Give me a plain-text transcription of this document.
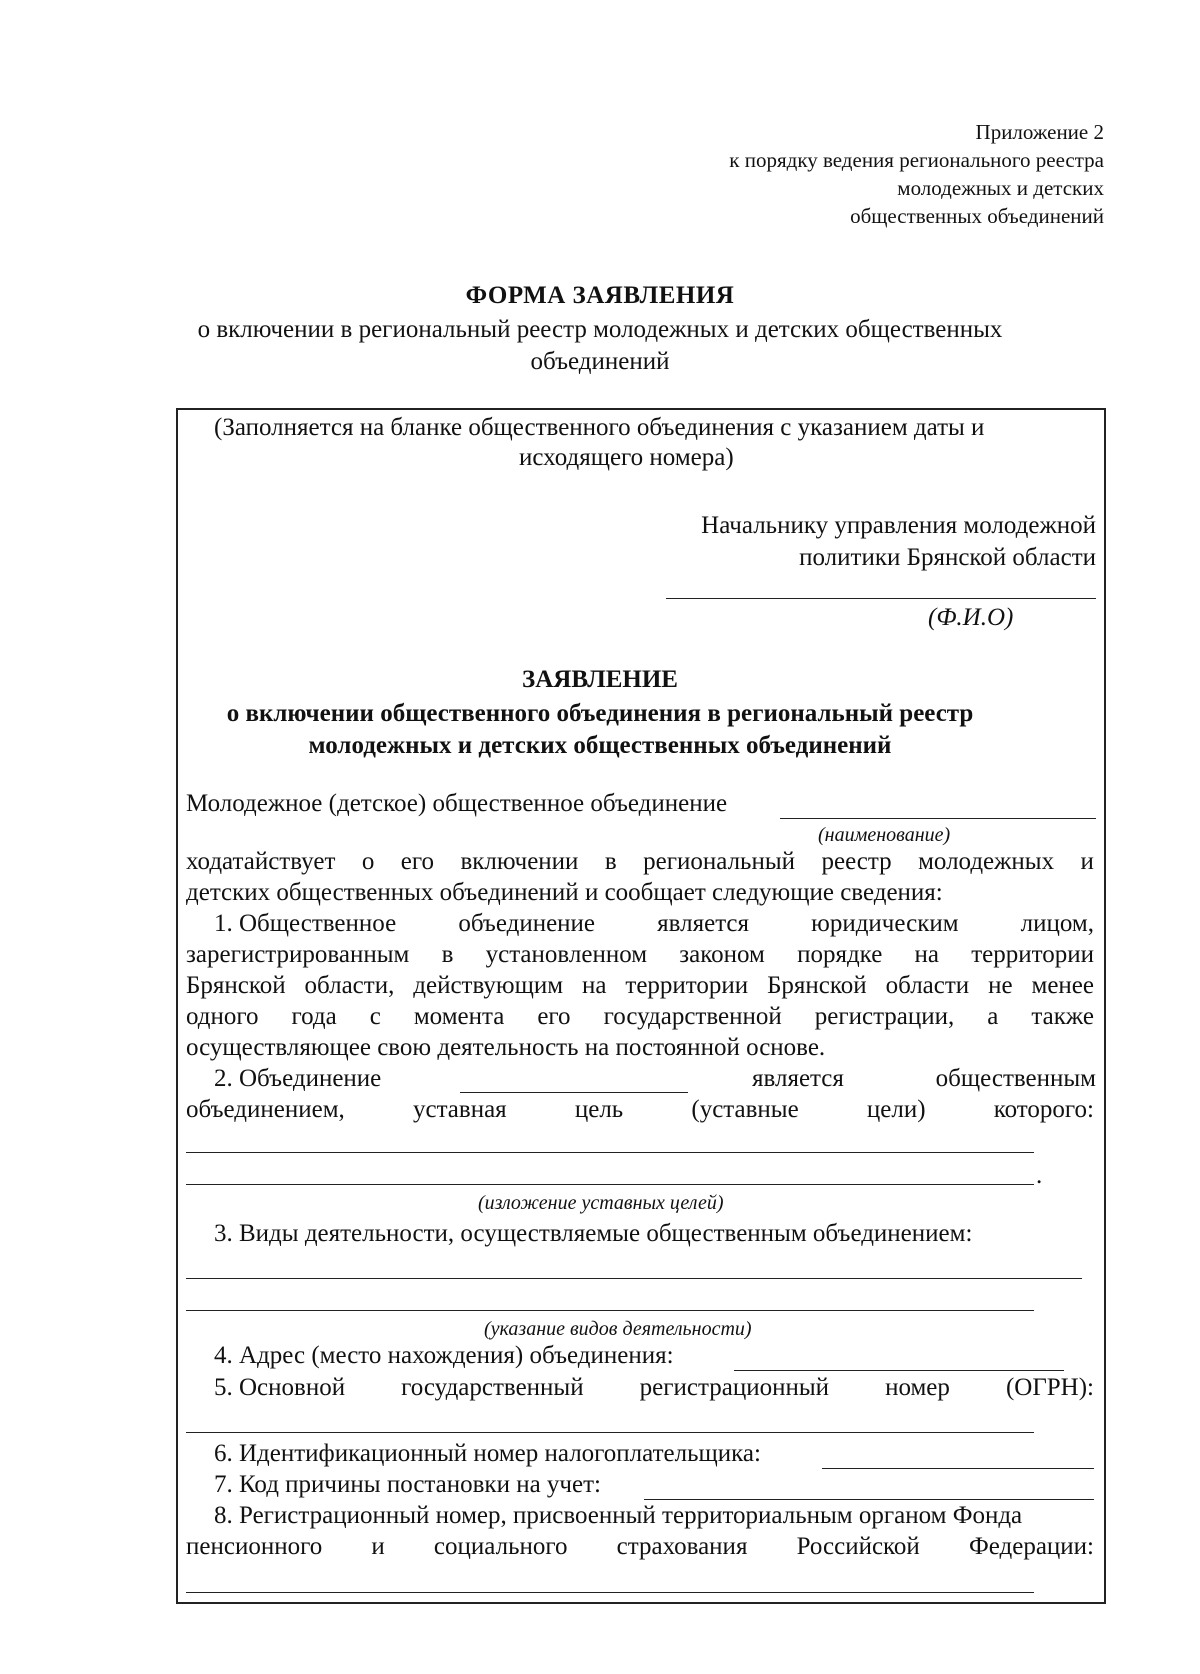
Приложение 2
к порядку ведения регионального реестра
молодежных и детских
общественных объединений
ФОРМА ЗАЯВЛЕНИЯ
о включении в региональный реестр молодежных и детских общественных
объединений
(Заполняется на бланке общественного объединения с указанием даты и
исходящего номера)
Начальнику управления молодежной
политики Брянской области
(Ф.И.О)
ЗАЯВЛЕНИЕ
о включении общественного объединения в региональный реестр
молодежных и детских общественных объединений
Молодежное (детское) общественное объединение
(наименование)
ходатайствует о его включении в региональный реестр молодежных и
детских общественных объединений и сообщает следующие сведения:
1. Общественное объединение является юридическим лицом,
зарегистрированным в установленном законом порядке на территории
Брянской области, действующим на территории Брянской области не менее
одного года с момента его государственной регистрации, а также
осуществляющее свою деятельность на постоянной основе.
2. Объединение	является	общественным
объединением,	уставная	цель	(уставные	цели)	которого:
.
(изложение уставных целей)
3. Виды деятельности, осуществляемые общественным объединением:
(указание видов деятельности)
4. Адрес (место нахождения) объединения:
5. Основной государственный регистрационный номер (ОГРН):
6. Идентификационный номер налогоплательщика:
7. Код причины постановки на учет:
8. Регистрационный номер, присвоенный территориальным органом Фонда
пенсионного и социального страхования Российской Федерации:
